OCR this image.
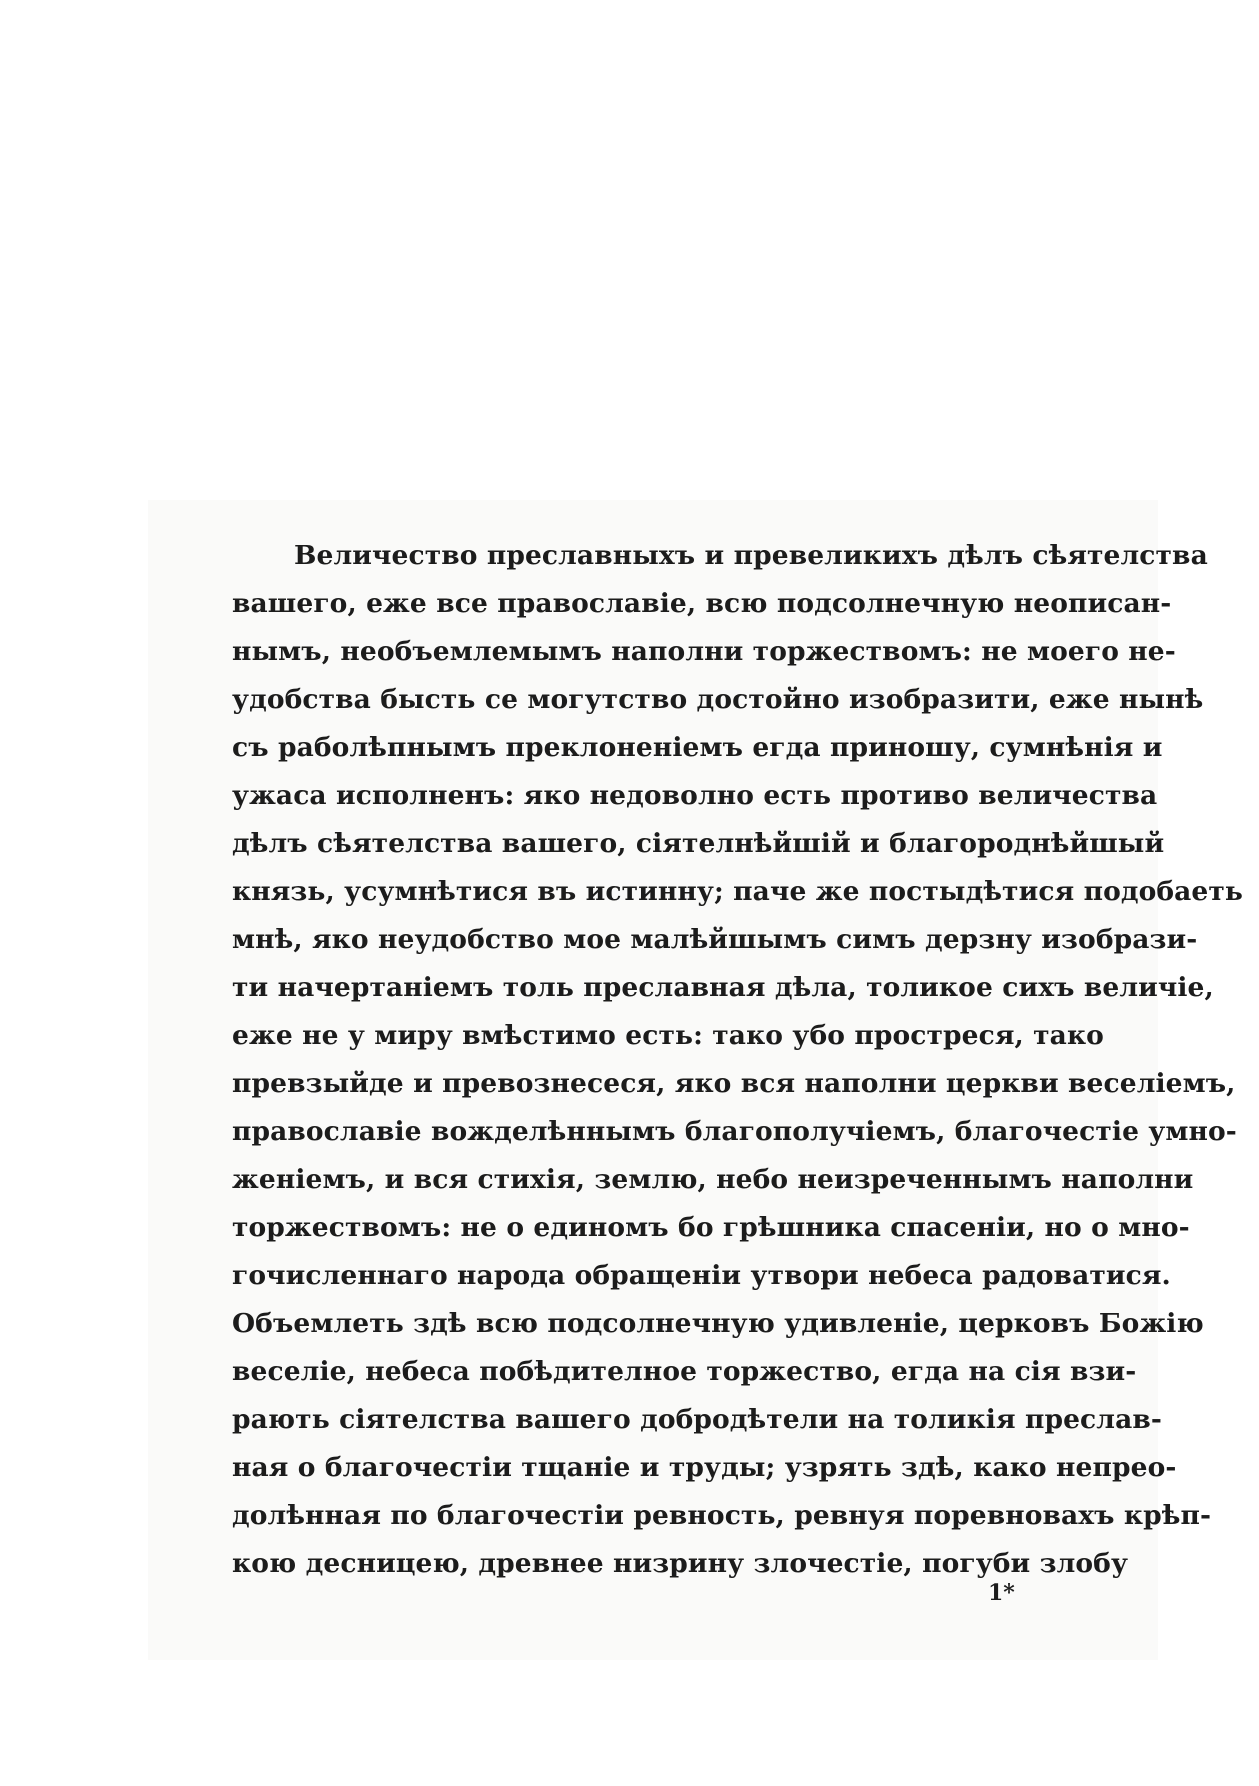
Величество преславныхъ и превеликихъ дѣлъ сѣятелства
вашего, еже все православіе, всю подсолнечную неописан-
нымъ, необъемлемымъ наполни торжествомъ: не моего не-
удобства бысть се могутство достойно изобразити, еже нынѣ
съ раболѣпнымъ преклоненіемъ егда приношу, сумнѣнія и
ужаса исполненъ: яко недоволно есть противо величества
дѣлъ сѣятелства вашего, сіятелнѣйшій и благороднѣйшый
князь, усумнѣтися въ истинну; паче же постыдѣтися подобаеть
мнѣ, яко неудобство мое малѣйшымъ симъ дерзну изобрази-
ти начертаніемъ толь преславная дѣла, толикое сихъ величіе,
еже не у миру вмѣстимо есть: тако убо простреся, тако
превзыйде и превознесеся, яко вся наполни церкви веселіемъ,
православіе вожделѣннымъ благополучіемъ, благочестіе умно-
женіемъ, и вся стихія, землю, небо неизреченнымъ наполни
торжествомъ: не о единомъ бо грѣшника спасеніи, но о мно-
гочисленнаго народа обращеніи утвори небеса радоватися.
Объемлеть здѣ всю подсолнечную удивленіе, церковъ Божію
веселіе, небеса побѣдителное торжество, егда на сія взи-
рають сіятелства вашего добродѣтели на толикія преслав-
ная о благочестіи тщаніе и труды; узрять здѣ, како непрео-
долѣнная по благочестіи ревность, ревнуя поревновахъ крѣп-
кою десницею, древнее низрину злочестіе, погуби злобу
1*
